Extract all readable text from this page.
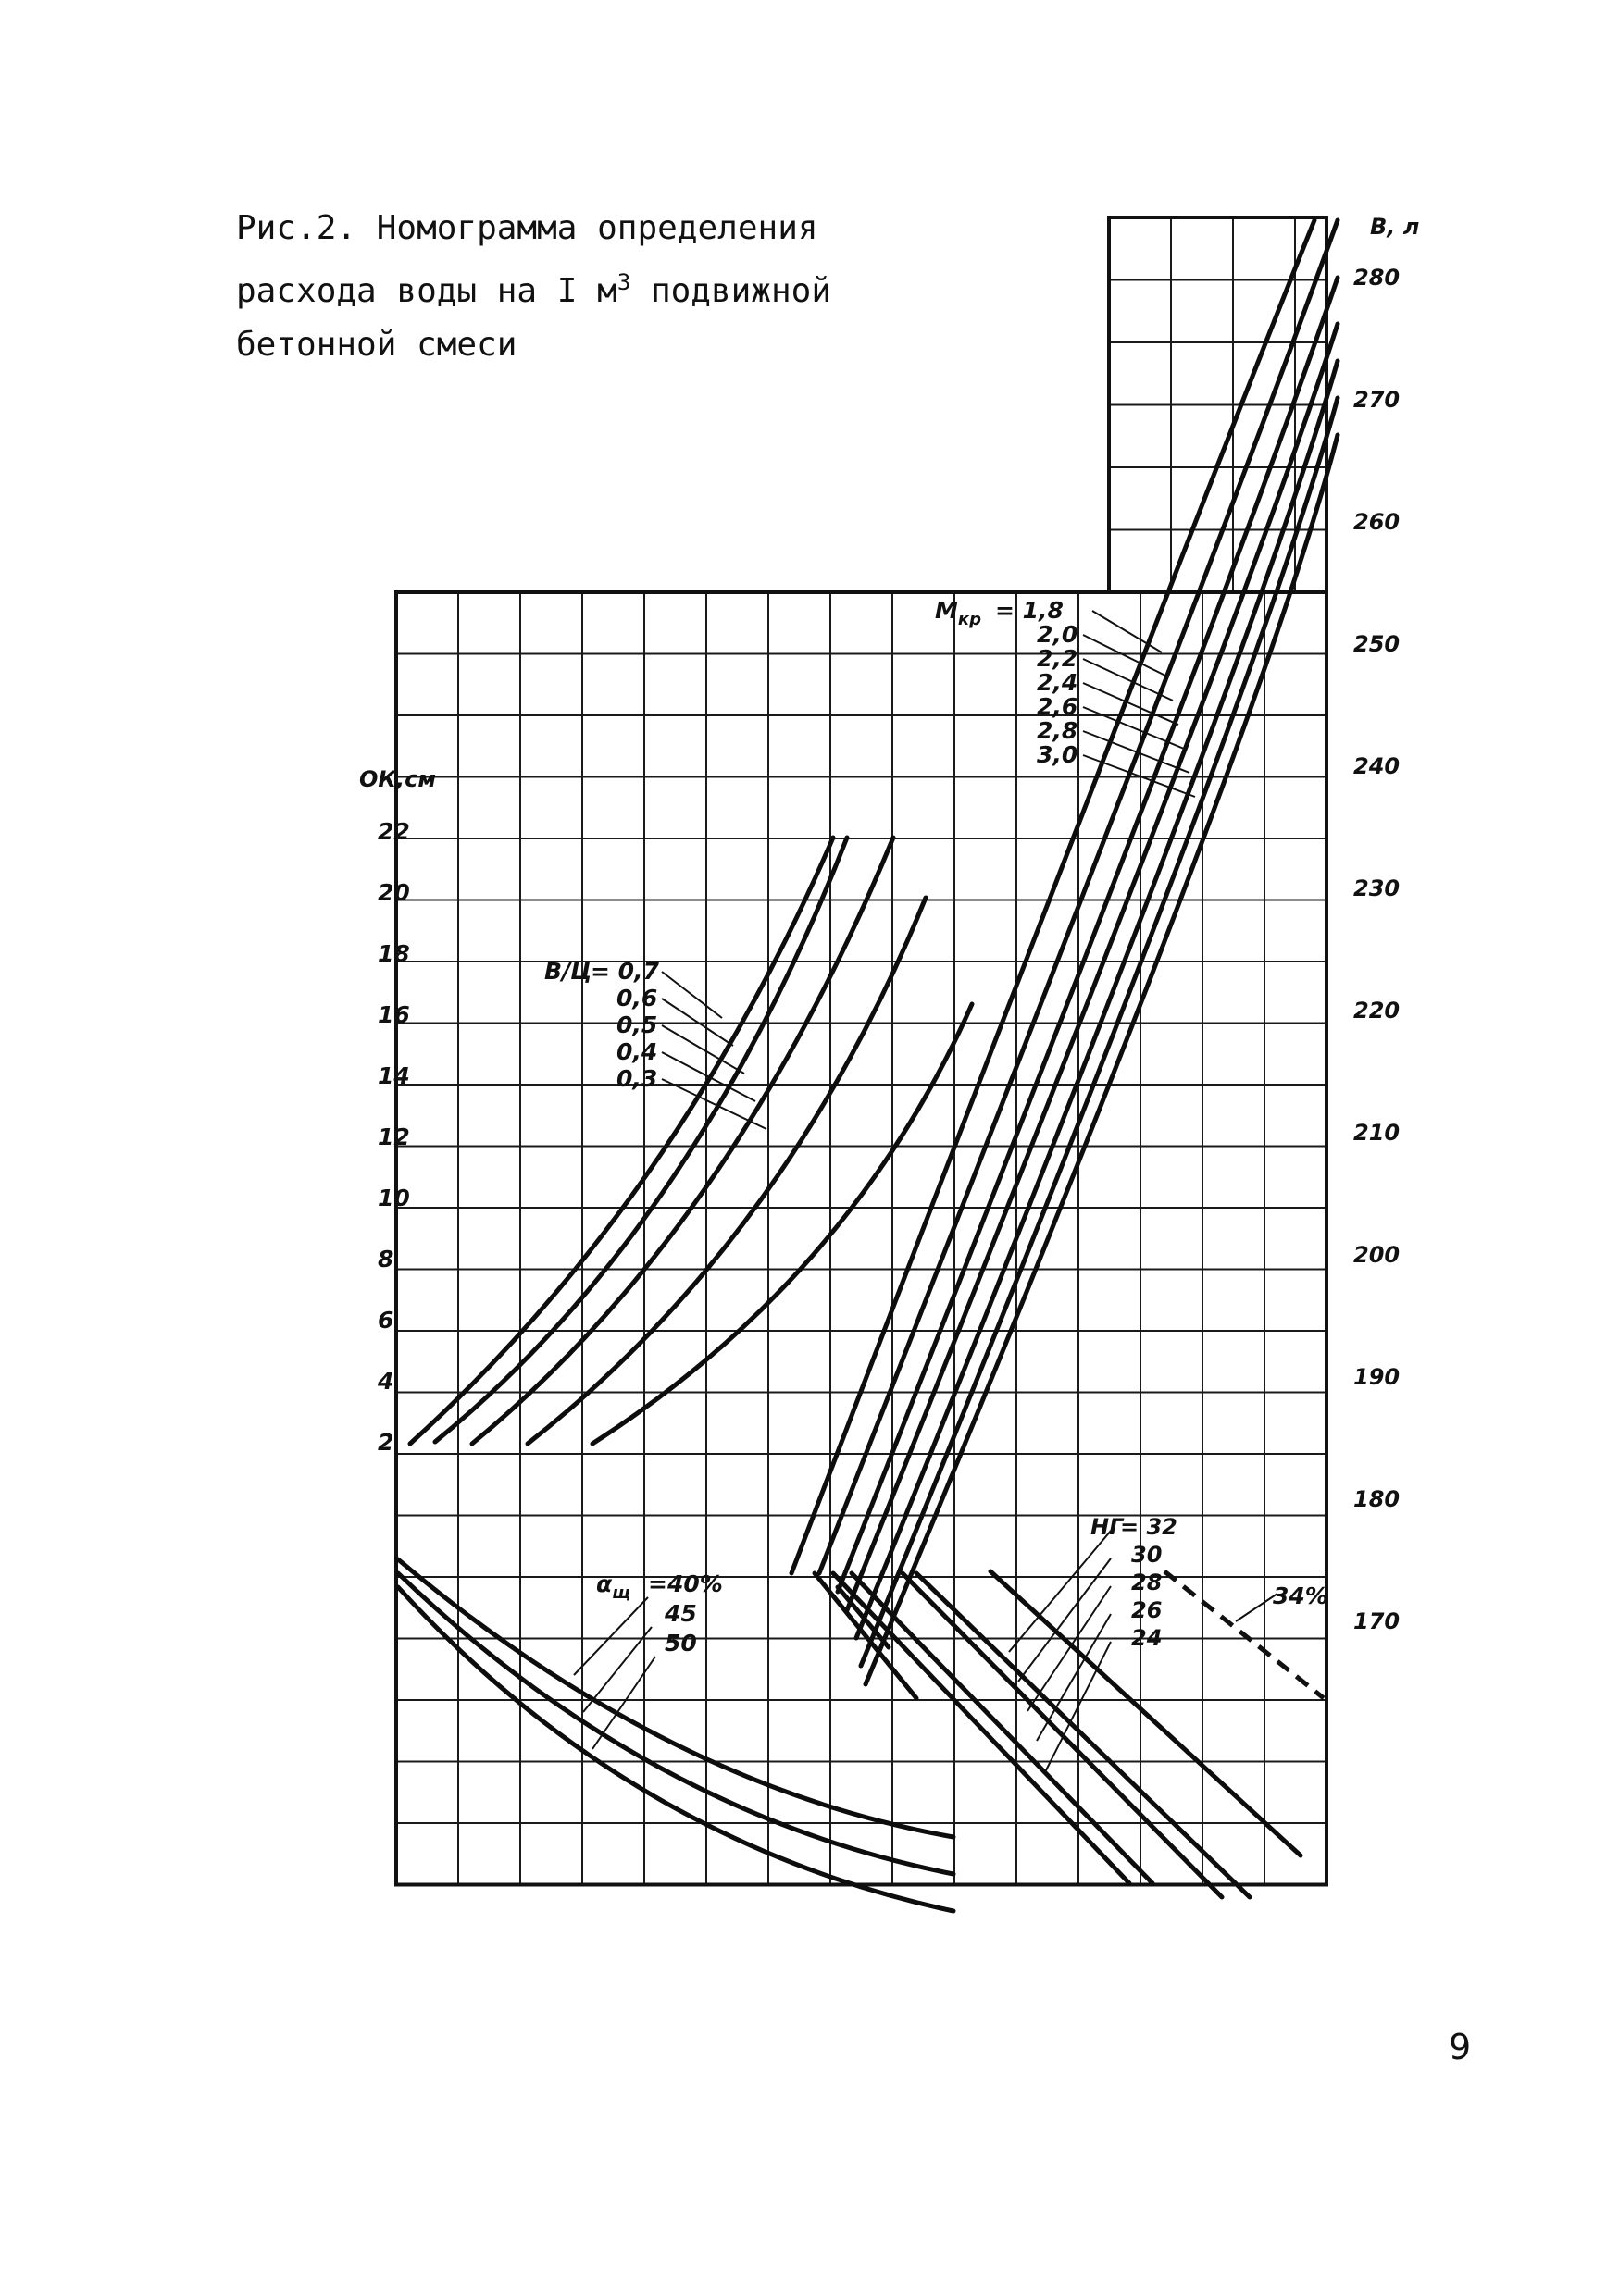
Рис.2. Номограмма определения
расхода воды на I $м^3$ подвижной
бетонной смеси
В, л
280
270
260
250
240
230
220
210
200
190
180
170
ОК,см
22
20
18
16
14
12
10
8
6
4
2
$М_{кр} = 1,8$
2,0
2,2
2,4
2,6
2,8
3,0
В/Ц
= 0,7
0,6
0,5
0,4
0,3
$\alpha_щ =40\%$
45
50
НГ
= 32
30
28
26
24
34%
9
